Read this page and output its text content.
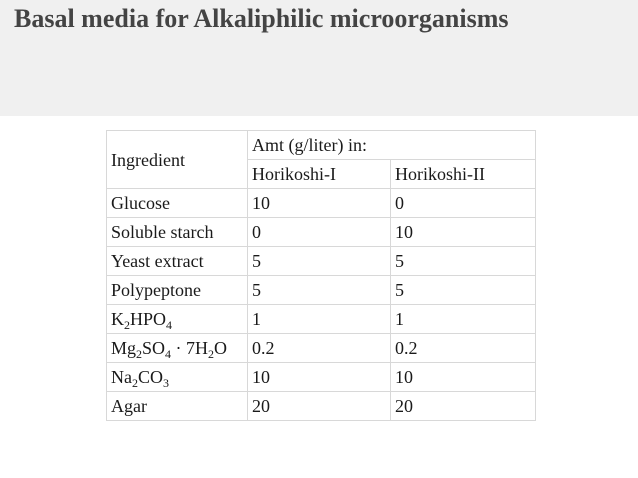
Basal media for Alkaliphilic microorganisms
Ingredient	Amt (g/liter) in:	
	Horikoshi-I	Horikoshi-II
Glucose	10	0
Soluble starch	0	10
Yeast extract	5	5
Polypeptone	5	5
$K_2HPO_4$	1	1
$Mg_2SO_4 \cdot 7H_2O$	0.2	0.2
$Na_2CO_3$	10	10
Agar	20	20
